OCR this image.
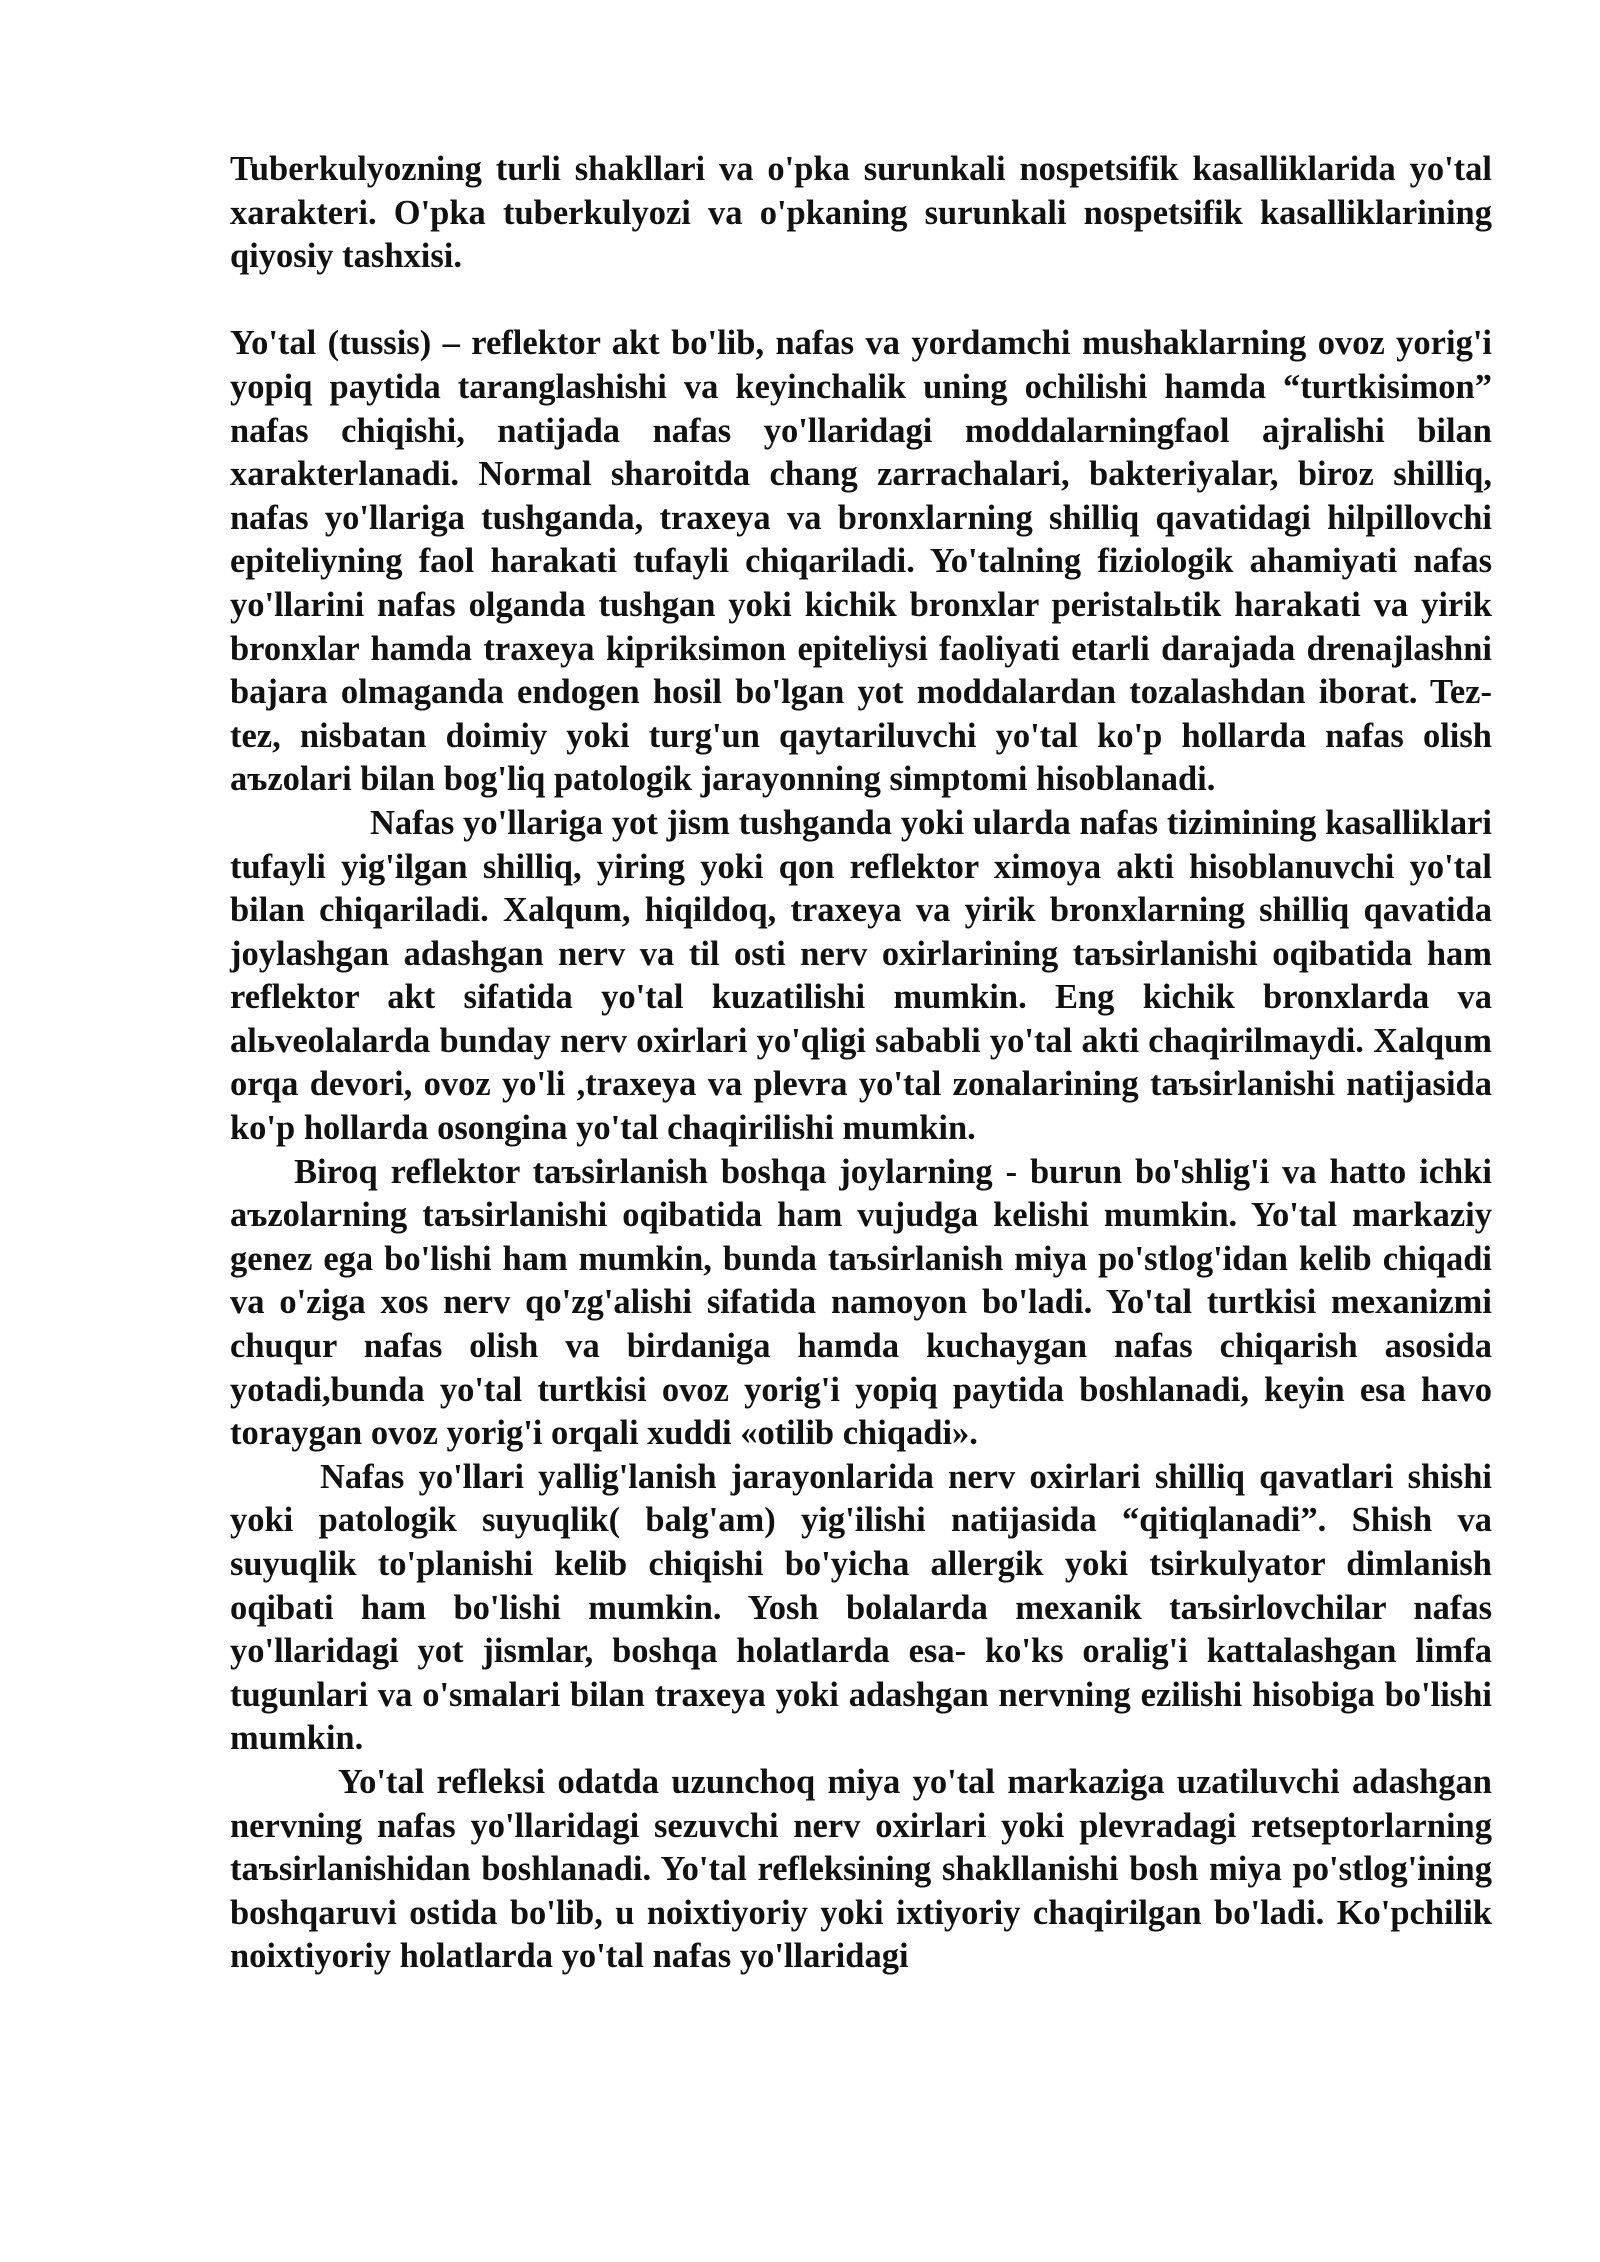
Tuberkulyozning turli shakllari va o'pka surunkali nospetsifik kasalliklarida yo'tal xarakteri. O'pka tuberkulyozi va o'pkaning surunkali nospetsifik kasalliklarining qiyosiy tashxisi.

Yo'tal (tussis) – reflektor akt bo'lib, nafas va yordamchi mushaklarning ovoz yorig'i yopiq paytida taranglashishi va keyinchalik uning ochilishi hamda “turtkisimon” nafas chiqishi, natijada nafas yo'llaridagi moddalarningfaol ajralishi bilan xarakterlanadi. Normal sharoitda chang zarrachalari, bakteriyalar, biroz shilliq, nafas yo'llariga tushganda, traxeya va bronxlarning shilliq qavatidagi hilpillovchi epiteliyning faol harakati tufayli chiqariladi. Yo'talning fiziologik ahamiyati nafas yo'llarini nafas olganda tushgan yoki kichik bronxlar peristalьtik harakati va yirik bronxlar hamda traxeya kipriksimon epiteliysi faoliyati etarli darajada drenajlashni bajara olmaganda endogen hosil bo'lgan yot moddalardan tozalashdan iborat. Tez-tez, nisbatan doimiy yoki turg'un qaytariluvchi yo'tal ko'p hollarda nafas olish aъzolari bilan bog'liq patologik jarayonning simptomi hisoblanadi.

Nafas yo'llariga yot jism tushganda yoki ularda nafas tizimining kasalliklari tufayli yig'ilgan shilliq, yiring yoki qon reflektor ximoya akti hisoblanuvchi yo'tal bilan chiqariladi. Xalqum, hiqildoq, traxeya va yirik bronxlarning shilliq qavatida joylashgan adashgan nerv va til osti nerv oxirlarining taъsirlanishi oqibatida ham reflektor akt sifatida yo'tal kuzatilishi mumkin. Eng kichik bronxlarda va alьveolalarda bunday nerv oxirlari yo'qligi sababli yo'tal akti chaqirilmaydi. Xalqum orqa devori, ovoz yo'li ,traxeya va plevra yo'tal zonalarining taъsirlanishi natijasida ko'p hollarda osongina yo'tal chaqirilishi mumkin.

Biroq reflektor taъsirlanish boshqa joylarning - burun bo'shlig'i va hatto ichki aъzolarning taъsirlanishi oqibatida ham vujudga kelishi mumkin. Yo'tal markaziy genez ega bo'lishi ham mumkin, bunda taъsirlanish miya po'stlog'idan kelib chiqadi va o'ziga xos nerv qo'zg'alishi sifatida namoyon bo'ladi. Yo'tal turtkisi mexanizmi chuqur nafas olish va birdaniga hamda kuchaygan nafas chiqarish asosida yotadi,bunda yo'tal turtkisi ovoz yorig'i yopiq paytida boshlanadi, keyin esa havo toraygan ovoz yorig'i orqali xuddi «otilib chiqadi».

Nafas yo'llari yallig'lanish jarayonlarida nerv oxirlari shilliq qavatlari shishi yoki patologik suyuqlik( balg'am) yig'ilishi natijasida “qitiqlanadi”. Shish va suyuqlik to'planishi kelib chiqishi bo'yicha allergik yoki tsirkulyator dimlanish oqibati ham bo'lishi mumkin. Yosh bolalarda mexanik taъsirlovchilar nafas yo'llaridagi yot jismlar, boshqa holatlarda esa- ko'ks oralig'i kattalashgan limfa tugunlari va o'smalari bilan traxeya yoki adashgan nervning ezilishi hisobiga bo'lishi mumkin.

Yo'tal refleksi odatda uzunchoq miya yo'tal markaziga uzatiluvchi adashgan nervning nafas yo'llaridagi sezuvchi nerv oxirlari yoki plevradagi retseptorlarning taъsirlanishidan boshlanadi. Yo'tal refleksining shakllanishi bosh miya po'stlog'ining boshqaruvi ostida bo'lib, u noixtiyoriy yoki ixtiyoriy chaqirilgan bo'ladi. Ko'pchilik noixtiyoriy holatlarda yo'tal nafas yo'llaridagi
